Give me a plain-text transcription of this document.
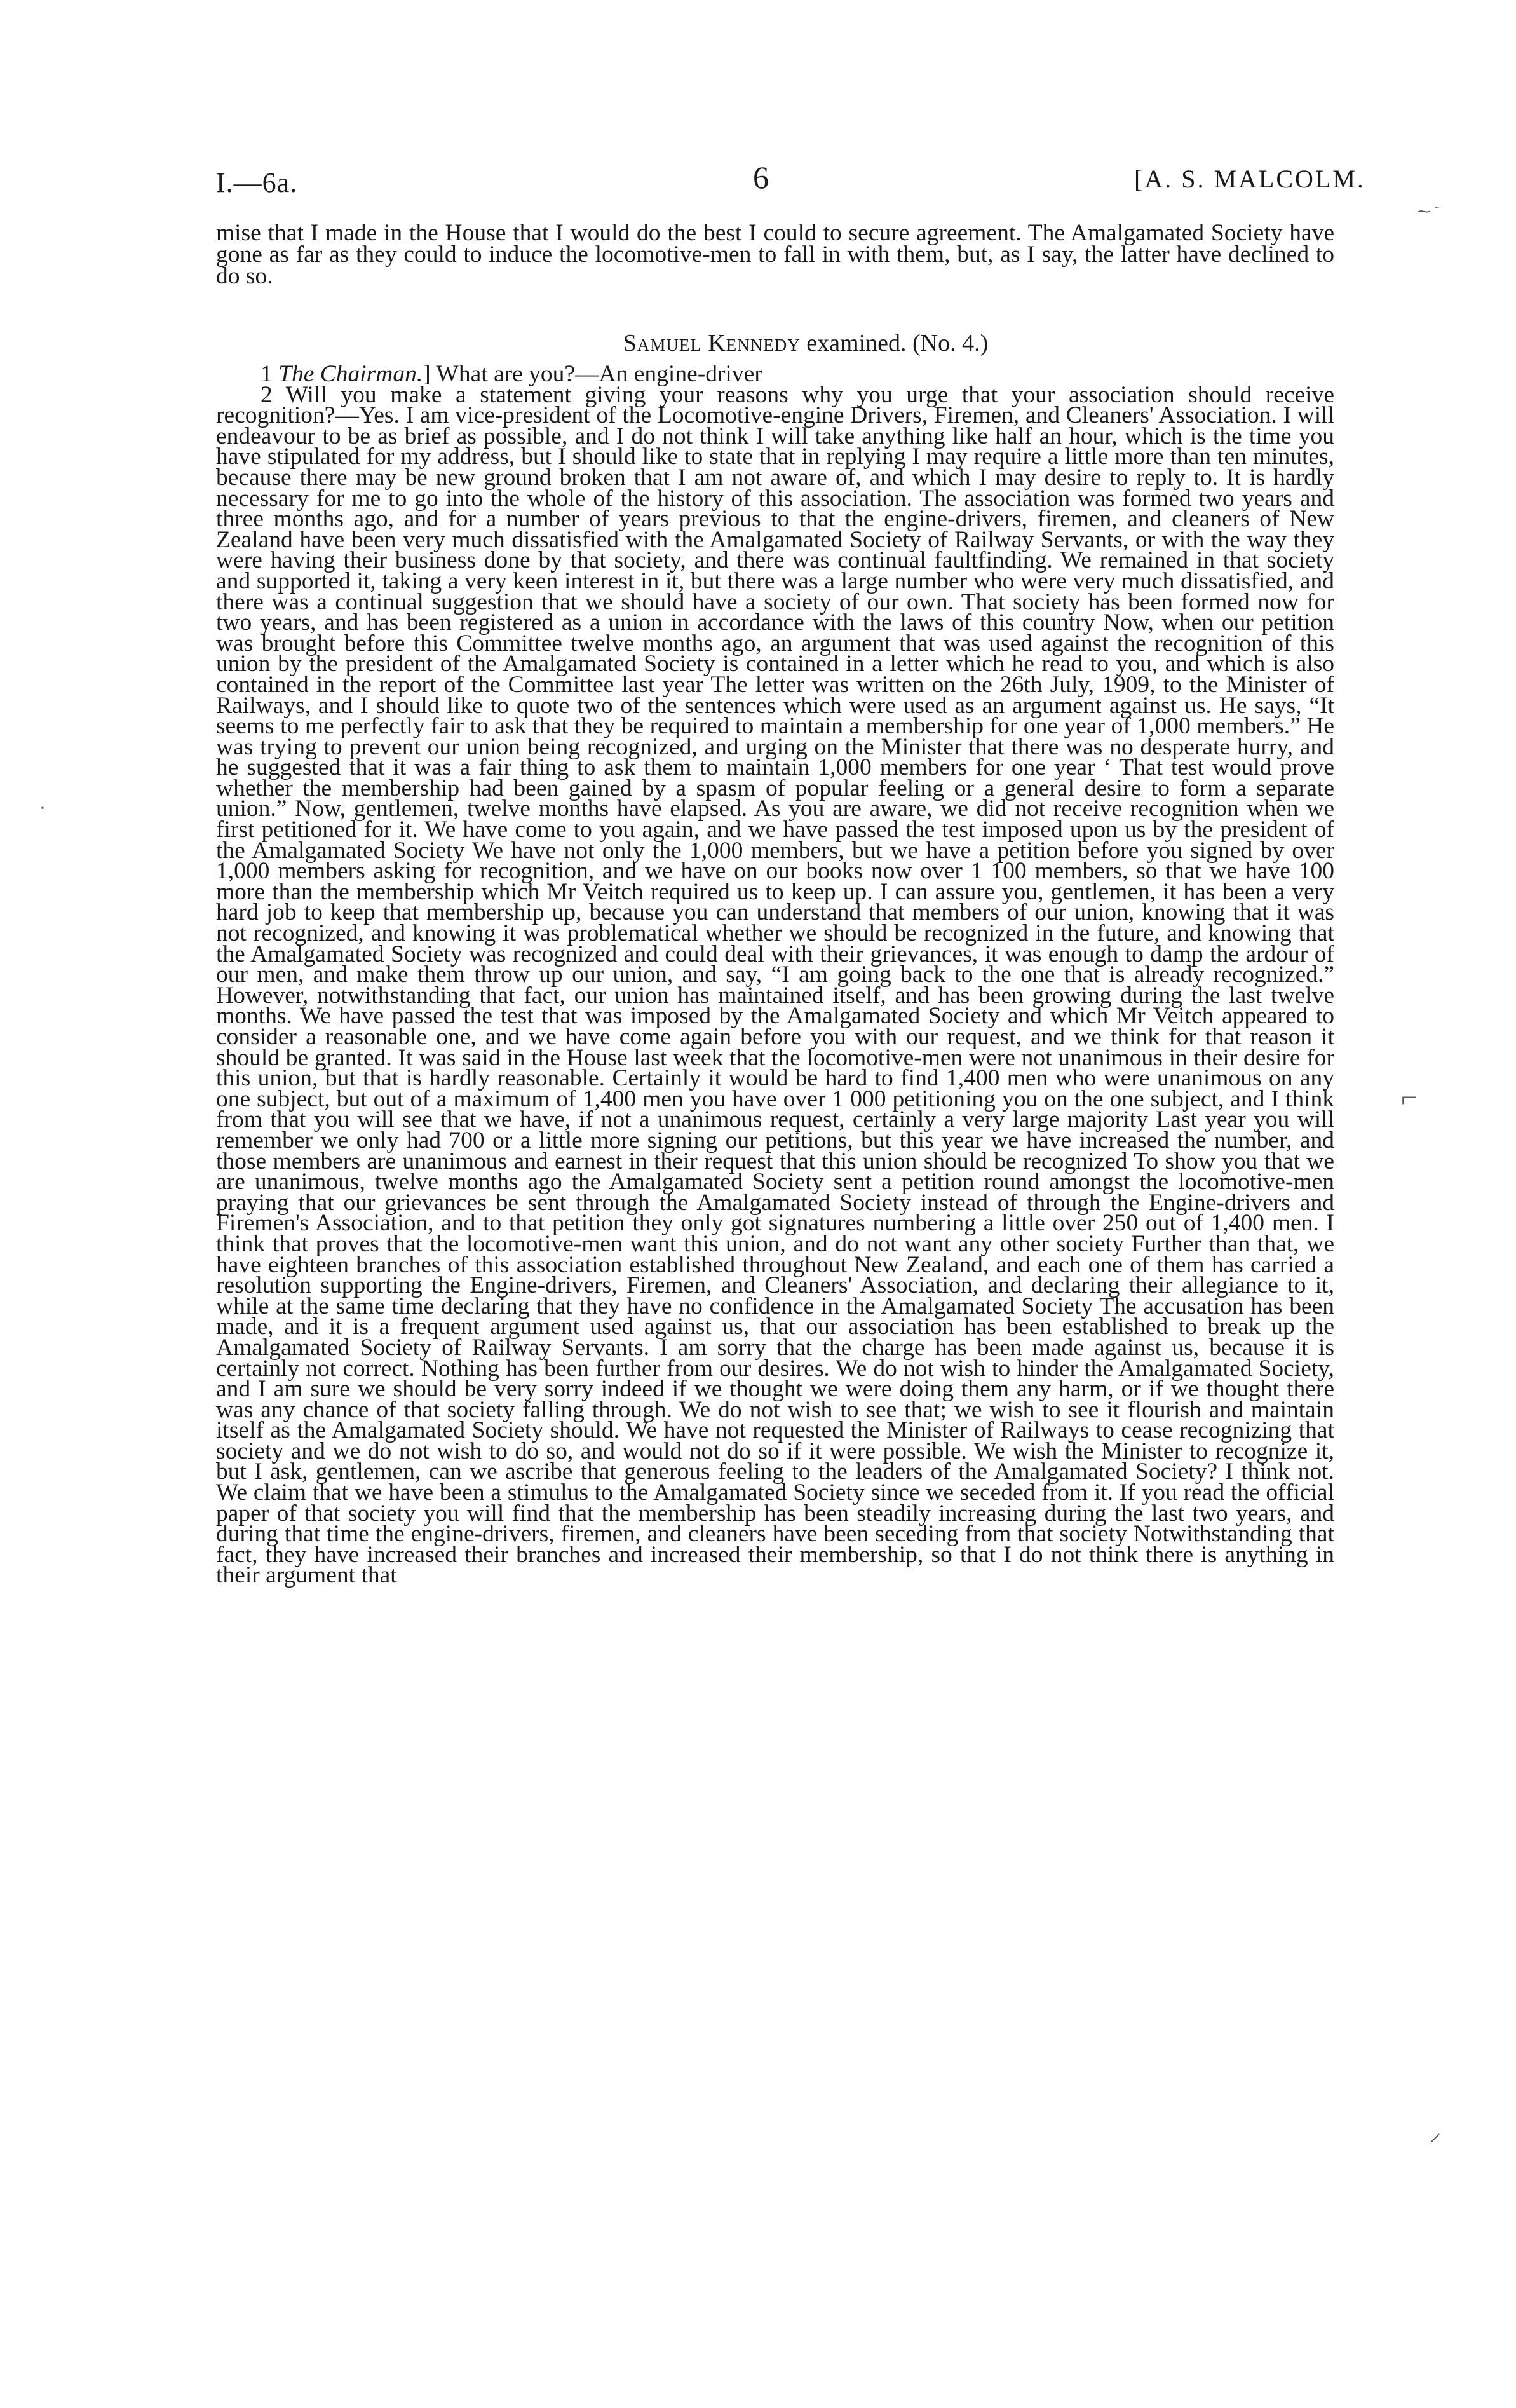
I.—6a.	6	[A. S. MALCOLM.

mise that I made in the House that I would do the best I could to secure agreement. The Amalgamated Society have gone as far as they could to induce the locomotive-men to fall in with them, but, as I say, the latter have declined to do so.

Samuel Kennedy examined. (No. 4.)

1 The Chairman.] What are you?—An engine-driver

2 Will you make a statement giving your reasons why you urge that your association should receive recognition?—Yes. I am vice-president of the Locomotive-engine Drivers, Firemen, and Cleaners' Association. I will endeavour to be as brief as possible, and I do not think I will take anything like half an hour, which is the time you have stipulated for my address, but I should like to state that in replying I may require a little more than ten minutes, because there may be new ground broken that I am not aware of, and which I may desire to reply to. It is hardly necessary for me to go into the whole of the history of this association. The association was formed two years and three months ago, and for a number of years previous to that the engine-drivers, firemen, and cleaners of New Zealand have been very much dissatisfied with the Amalgamated Society of Railway Servants, or with the way they were having their business done by that society, and there was continual faultfinding. We remained in that society and supported it, taking a very keen interest in it, but there was a large number who were very much dissatisfied, and there was a continual suggestion that we should have a society of our own. That society has been formed now for two years, and has been registered as a union in accordance with the laws of this country Now, when our petition was brought before this Committee twelve months ago, an argument that was used against the recognition of this union by the president of the Amalgamated Society is contained in a letter which he read to you, and which is also contained in the report of the Committee last year The letter was written on the 26th July, 1909, to the Minister of Railways, and I should like to quote two of the sentences which were used as an argument against us. He says, “It seems to me perfectly fair to ask that they be required to maintain a membership for one year of 1,000 members.” He was trying to prevent our union being recognized, and urging on the Minister that there was no desperate hurry, and he suggested that it was a fair thing to ask them to maintain 1,000 members for one year ‘ That test would prove whether the membership had been gained by a spasm of popular feeling or a general desire to form a separate union.” Now, gentlemen, twelve months have elapsed. As you are aware, we did not receive recognition when we first petitioned for it. We have come to you again, and we have passed the test imposed upon us by the president of the Amalgamated Society We have not only the 1,000 members, but we have a petition before you signed by over 1,000 members asking for recognition, and we have on our books now over 1 100 members, so that we have 100 more than the membership which Mr Veitch required us to keep up. I can assure you, gentlemen, it has been a very hard job to keep that membership up, because you can understand that members of our union, knowing that it was not recognized, and knowing it was problematical whether we should be recognized in the future, and knowing that the Amalgamated Society was recognized and could deal with their grievances, it was enough to damp the ardour of our men, and make them throw up our union, and say, “I am going back to the one that is already recognized.” However, notwithstanding that fact, our union has maintained itself, and has been growing during the last twelve months. We have passed the test that was imposed by the Amalgamated Society and which Mr Veitch appeared to consider a reasonable one, and we have come again before you with our request, and we think for that reason it should be granted. It was said in the House last week that the locomotive-men were not unanimous in their desire for this union, but that is hardly reasonable. Certainly it would be hard to find 1,400 men who were unanimous on any one subject, but out of a maximum of 1,400 men you have over 1 000 petitioning you on the one subject, and I think from that you will see that we have, if not a unanimous request, certainly a very large majority Last year you will remember we only had 700 or a little more signing our petitions, but this year we have increased the number, and those members are unanimous and earnest in their request that this union should be recognized To show you that we are unanimous, twelve months ago the Amalgamated Society sent a petition round amongst the locomotive-men praying that our grievances be sent through the Amalgamated Society instead of through the Engine-drivers and Firemen's Association, and to that petition they only got signatures numbering a little over 250 out of 1,400 men. I think that proves that the locomotive-men want this union, and do not want any other society Further than that, we have eighteen branches of this association established throughout New Zealand, and each one of them has carried a resolution supporting the Engine-drivers, Firemen, and Cleaners' Association, and declaring their allegiance to it, while at the same time declaring that they have no confidence in the Amalgamated Society The accusation has been made, and it is a frequent argument used against us, that our association has been established to break up the Amalgamated Society of Railway Servants. I am sorry that the charge has been made against us, because it is certainly not correct. Nothing has been further from our desires. We do not wish to hinder the Amalgamated Society, and I am sure we should be very sorry indeed if we thought we were doing them any harm, or if we thought there was any chance of that society falling through. We do not wish to see that; we wish to see it flourish and maintain itself as the Amalgamated Society should. We have not requested the Minister of Railways to cease recognizing that society and we do not wish to do so, and would not do so if it were possible. We wish the Minister to recognize it, but I ask, gentlemen, can we ascribe that generous feeling to the leaders of the Amalgamated Society? I think not. We claim that we have been a stimulus to the Amalgamated Society since we seceded from it. If you read the official paper of that society you will find that the membership has been steadily increasing during the last two years, and during that time the engine-drivers, firemen, and cleaners have been seceding from that society Notwithstanding that fact, they have increased their branches and increased their membership, so that I do not think there is anything in their argument that

⁓ ˜
⌐
⸝
·
